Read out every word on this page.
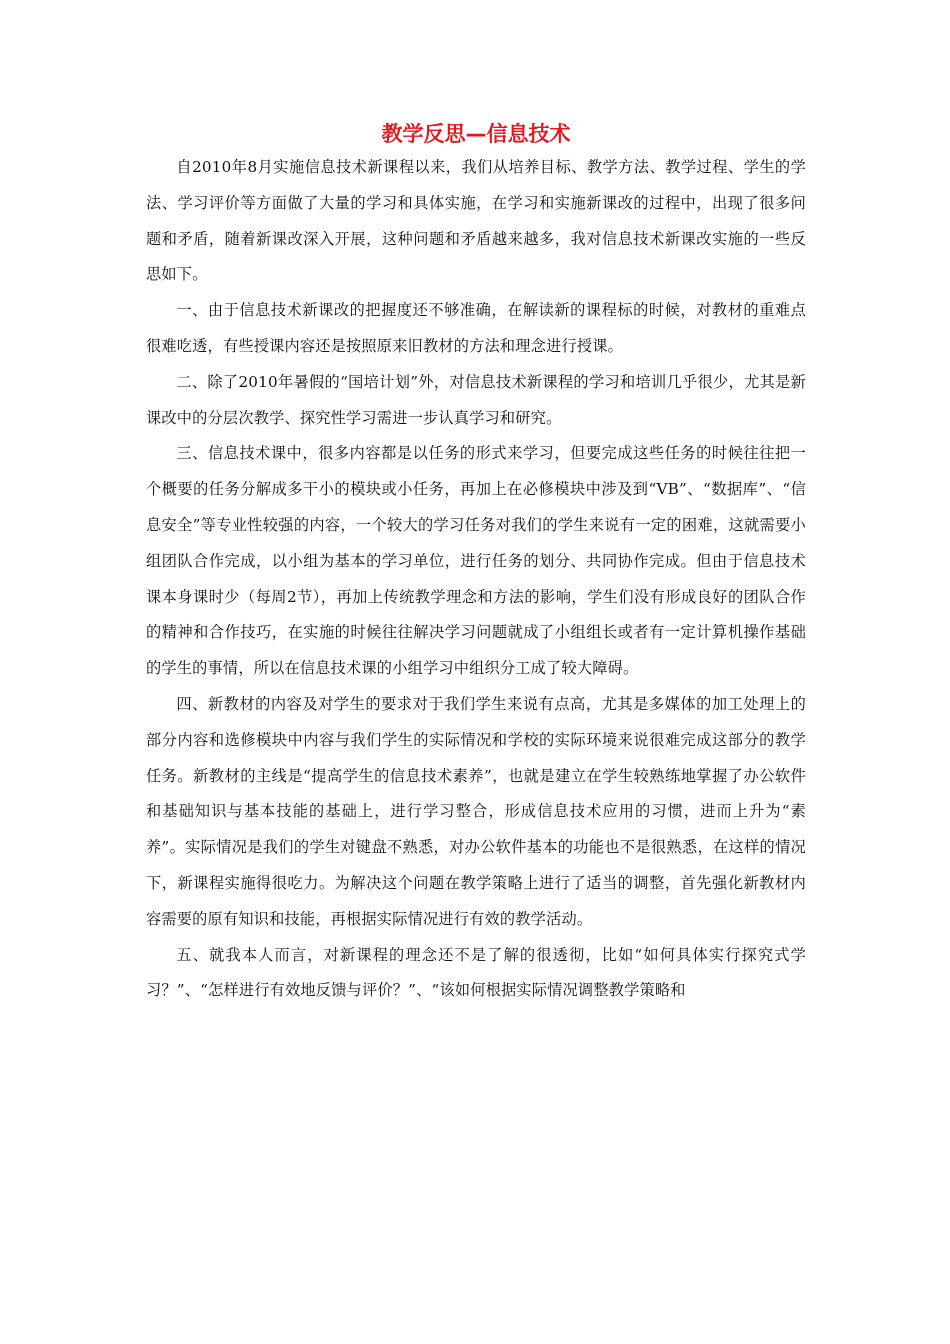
教学反思—信息技术

自2010年8月实施信息技术新课程以来，我们从培养目标、教学方法、教学过程、学生的学法、学习评价等方面做了大量的学习和具体实施，在学习和实施新课改的过程中，出现了很多问题和矛盾，随着新课改深入开展，这种问题和矛盾越来越多，我对信息技术新课改实施的一些反思如下。

一、由于信息技术新课改的把握度还不够准确，在解读新的课程标的时候，对教材的重难点很难吃透，有些授课内容还是按照原来旧教材的方法和理念进行授课。

二、除了2010年暑假的“国培计划”外，对信息技术新课程的学习和培训几乎很少，尤其是新课改中的分层次教学、探究性学习需进一步认真学习和研究。

三、信息技术课中，很多内容都是以任务的形式来学习，但要完成这些任务的时候往往把一个概要的任务分解成多干小的模块或小任务，再加上在必修模块中涉及到“VB”、“数据库”、“信息安全”等专业性较强的内容，一个较大的学习任务对我们的学生来说有一定的困难，这就需要小组团队合作完成，以小组为基本的学习单位，进行任务的划分、共同协作完成。但由于信息技术课本身课时少（每周2节），再加上传统教学理念和方法的影响，学生们没有形成良好的团队合作的精神和合作技巧，在实施的时候往往解决学习问题就成了小组组长或者有一定计算机操作基础的学生的事情，所以在信息技术课的小组学习中组织分工成了较大障碍。

四、新教材的内容及对学生的要求对于我们学生来说有点高，尤其是多媒体的加工处理上的部分内容和选修模块中内容与我们学生的实际情况和学校的实际环境来说很难完成这部分的教学任务。新教材的主线是“提高学生的信息技术素养”，也就是建立在学生较熟练地掌握了办公软件和基础知识与基本技能的基础上，进行学习整合，形成信息技术应用的习惯，进而上升为“素养”。实际情况是我们的学生对键盘不熟悉，对办公软件基本的功能也不是很熟悉，在这样的情况下，新课程实施得很吃力。为解决这个问题在教学策略上进行了适当的调整，首先强化新教材内容需要的原有知识和技能，再根据实际情况进行有效的教学活动。

五、就我本人而言，对新课程的理念还不是了解的很透彻，比如“如何具体实行探究式学习？”、“怎样进行有效地反馈与评价？”、“该如何根据实际情况调整教学策略和
